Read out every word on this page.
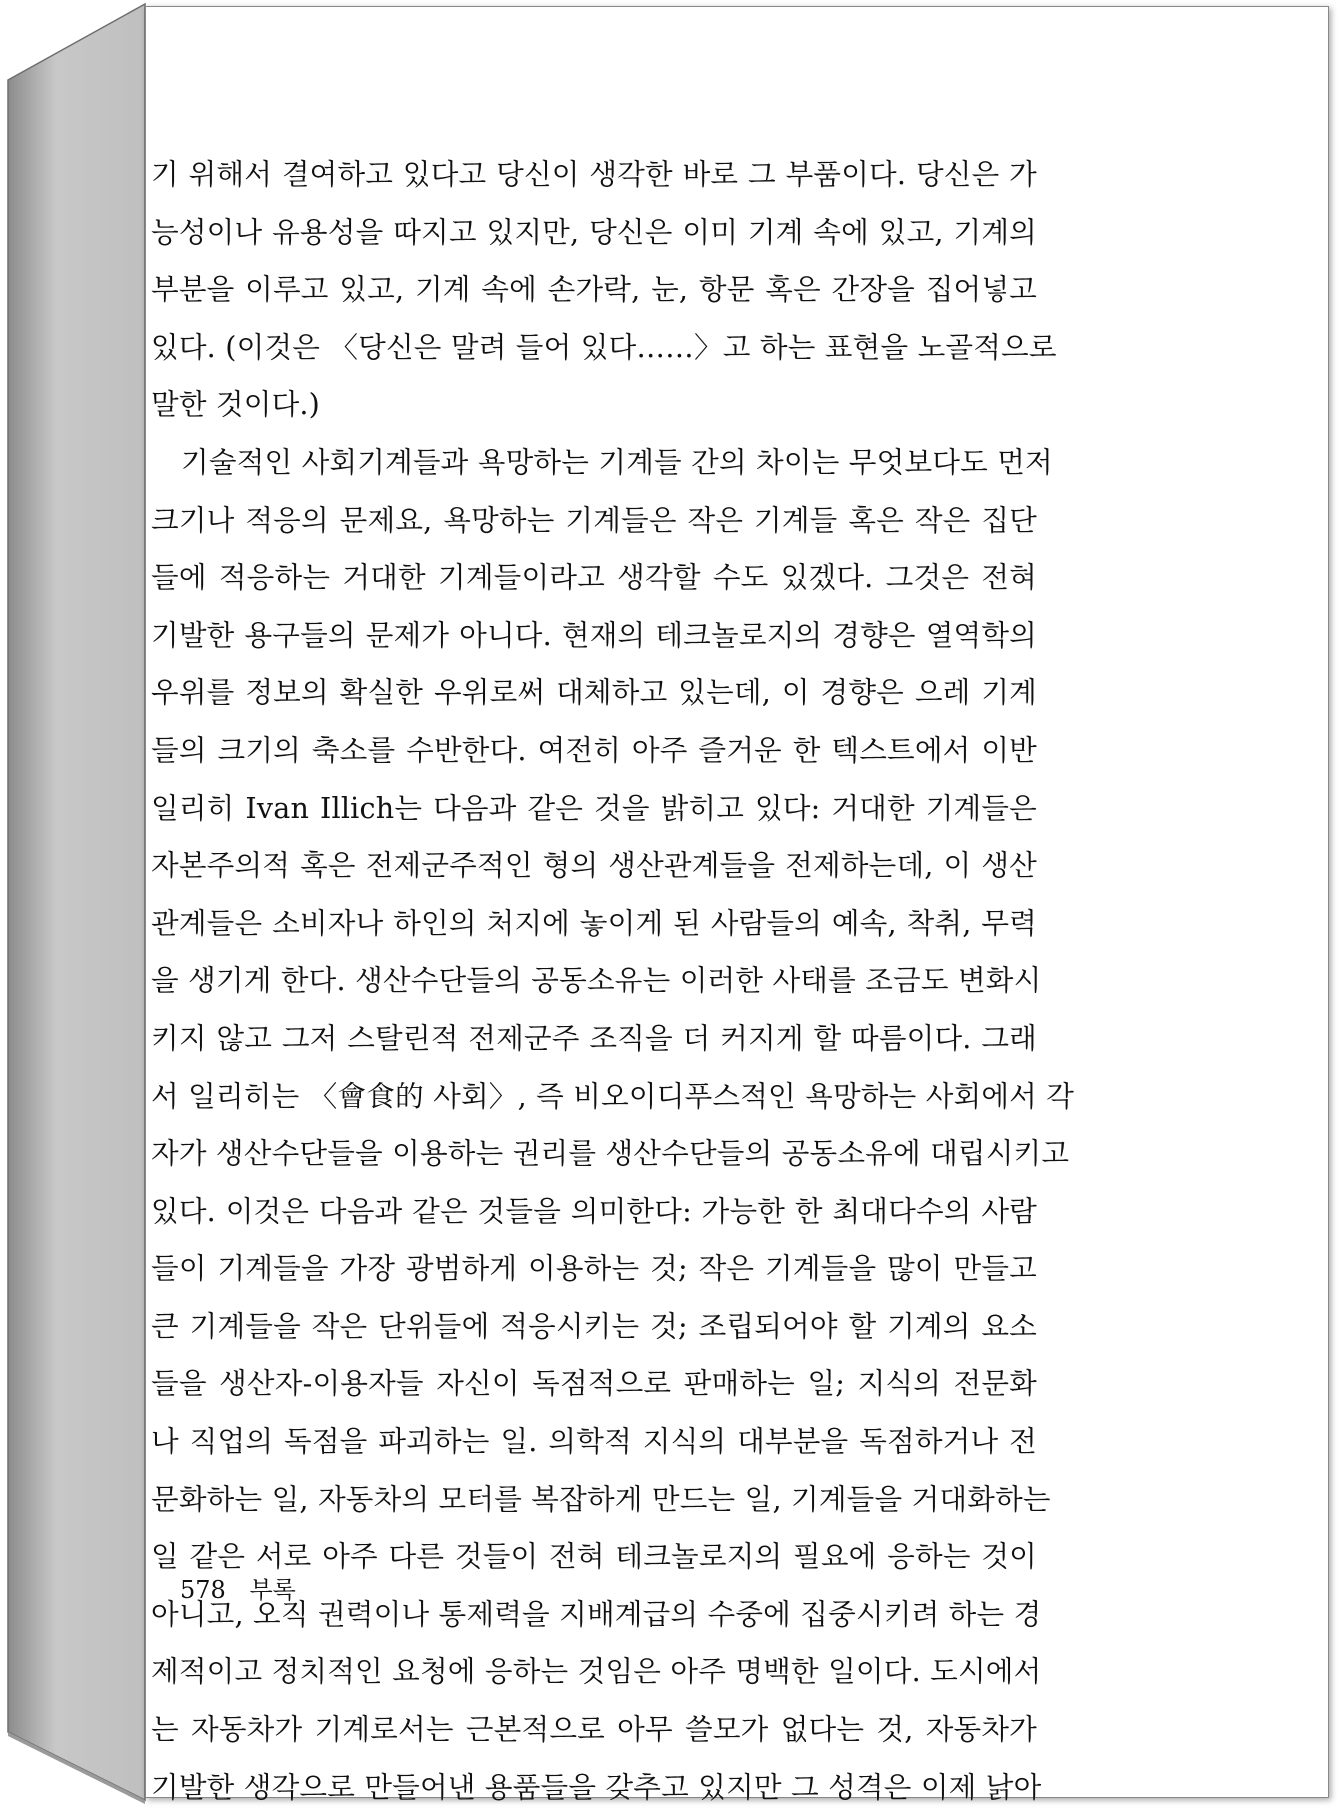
기 위해서 결여하고 있다고 당신이 생각한 바로 그 부품이다. 당신은 가
능성이나 유용성을 따지고 있지만, 당신은 이미 기계 속에 있고, 기계의
부분을 이루고 있고, 기계 속에 손가락, 눈, 항문 혹은 간장을 집어넣고
있다. (이것은 〈당신은 말려 들어 있다……〉고 하는 표현을 노골적으로
말한 것이다.)
기술적인 사회기계들과 욕망하는 기계들 간의 차이는 무엇보다도 먼저
크기나 적응의 문제요, 욕망하는 기계들은 작은 기계들 혹은 작은 집단
들에 적응하는 거대한 기계들이라고 생각할 수도 있겠다. 그것은 전혀
기발한 용구들의 문제가 아니다. 현재의 테크놀로지의 경향은 열역학의
우위를 정보의 확실한 우위로써 대체하고 있는데, 이 경향은 으레 기계
들의 크기의 축소를 수반한다. 여전히 아주 즐거운 한 텍스트에서 이반
일리히 Ivan Illich는 다음과 같은 것을 밝히고 있다: 거대한 기계들은
자본주의적 혹은 전제군주적인 형의 생산관계들을 전제하는데, 이 생산
관계들은 소비자나 하인의 처지에 놓이게 된 사람들의 예속, 착취, 무력
을 생기게 한다. 생산수단들의 공동소유는 이러한 사태를 조금도 변화시
키지 않고 그저 스탈린적 전제군주 조직을 더 커지게 할 따름이다. 그래
서 일리히는 〈會食的 사회〉, 즉 비오이디푸스적인 욕망하는 사회에서 각
자가 생산수단들을 이용하는 권리를 생산수단들의 공동소유에 대립시키고
있다. 이것은 다음과 같은 것들을 의미한다: 가능한 한 최대다수의 사람
들이 기계들을 가장 광범하게 이용하는 것; 작은 기계들을 많이 만들고
큰 기계들을 작은 단위들에 적응시키는 것; 조립되어야 할 기계의 요소
들을 생산자-이용자들 자신이 독점적으로 판매하는 일; 지식의 전문화
나 직업의 독점을 파괴하는 일. 의학적 지식의 대부분을 독점하거나 전
문화하는 일, 자동차의 모터를 복잡하게 만드는 일, 기계들을 거대화하는
일 같은 서로 아주 다른 것들이 전혀 테크놀로지의 필요에 응하는 것이
아니고, 오직 권력이나 통제력을 지배계급의 수중에 집중시키려 하는 경
제적이고 정치적인 요청에 응하는 것임은 아주 명백한 일이다. 도시에서
는 자동차가 기계로서는 근본적으로 아무 쓸모가 없다는 것, 자동차가
기발한 생각으로 만들어낸 용품들을 갖추고 있지만 그 성격은 이제 낡아
578 부록
